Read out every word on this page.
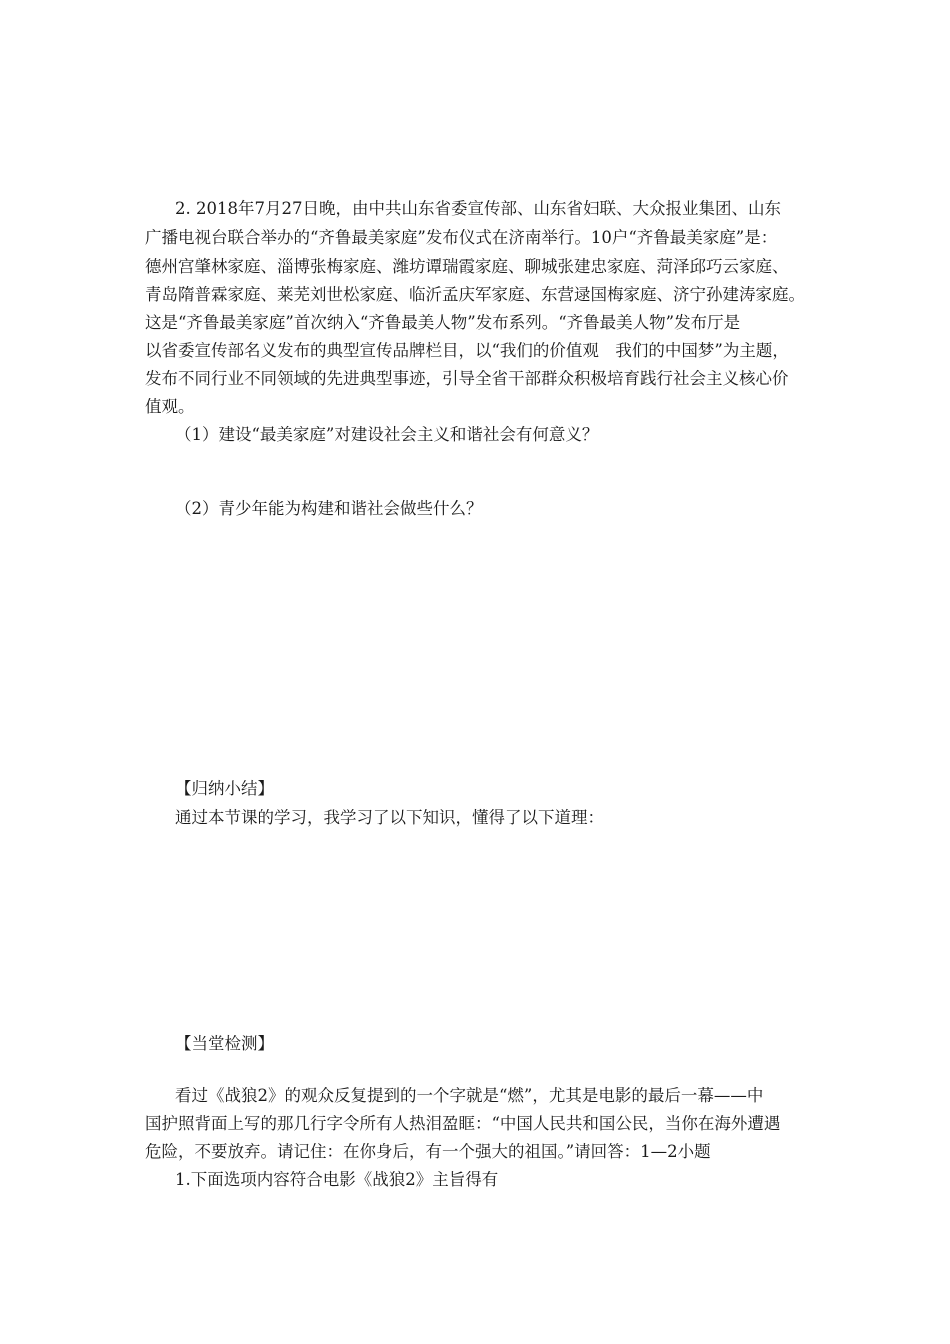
2. 2018年7月27日晚，由中共山东省委宣传部、山东省妇联、大众报业集团、山东
广播电视台联合举办的“齐鲁最美家庭”发布仪式在济南举行。10户“齐鲁最美家庭”是：
德州宫肇林家庭、淄博张梅家庭、潍坊谭瑞霞家庭、聊城张建忠家庭、菏泽邱巧云家庭、
青岛隋普霖家庭、莱芜刘世松家庭、临沂孟庆军家庭、东营逯国梅家庭、济宁孙建涛家庭。
这是“齐鲁最美家庭”首次纳入“齐鲁最美人物”发布系列。“齐鲁最美人物”发布厅是
以省委宣传部名义发布的典型宣传品牌栏目，以“我们的价值观　我们的中国梦”为主题，
发布不同行业不同领域的先进典型事迹，引导全省干部群众积极培育践行社会主义核心价
值观。
（1）建设“最美家庭”对建设社会主义和谐社会有何意义？
（2）青少年能为构建和谐社会做些什么？
【归纳小结】
通过本节课的学习，我学习了以下知识，懂得了以下道理：
【当堂检测】
看过《战狼2》的观众反复提到的一个字就是“燃”，尤其是电影的最后一幕——中
国护照背面上写的那几行字令所有人热泪盈眶：“中国人民共和国公民，当你在海外遭遇
危险，不要放弃。请记住：在你身后，有一个强大的祖国。”请回答：1—2小题
1.下面选项内容符合电影《战狼2》主旨得有
